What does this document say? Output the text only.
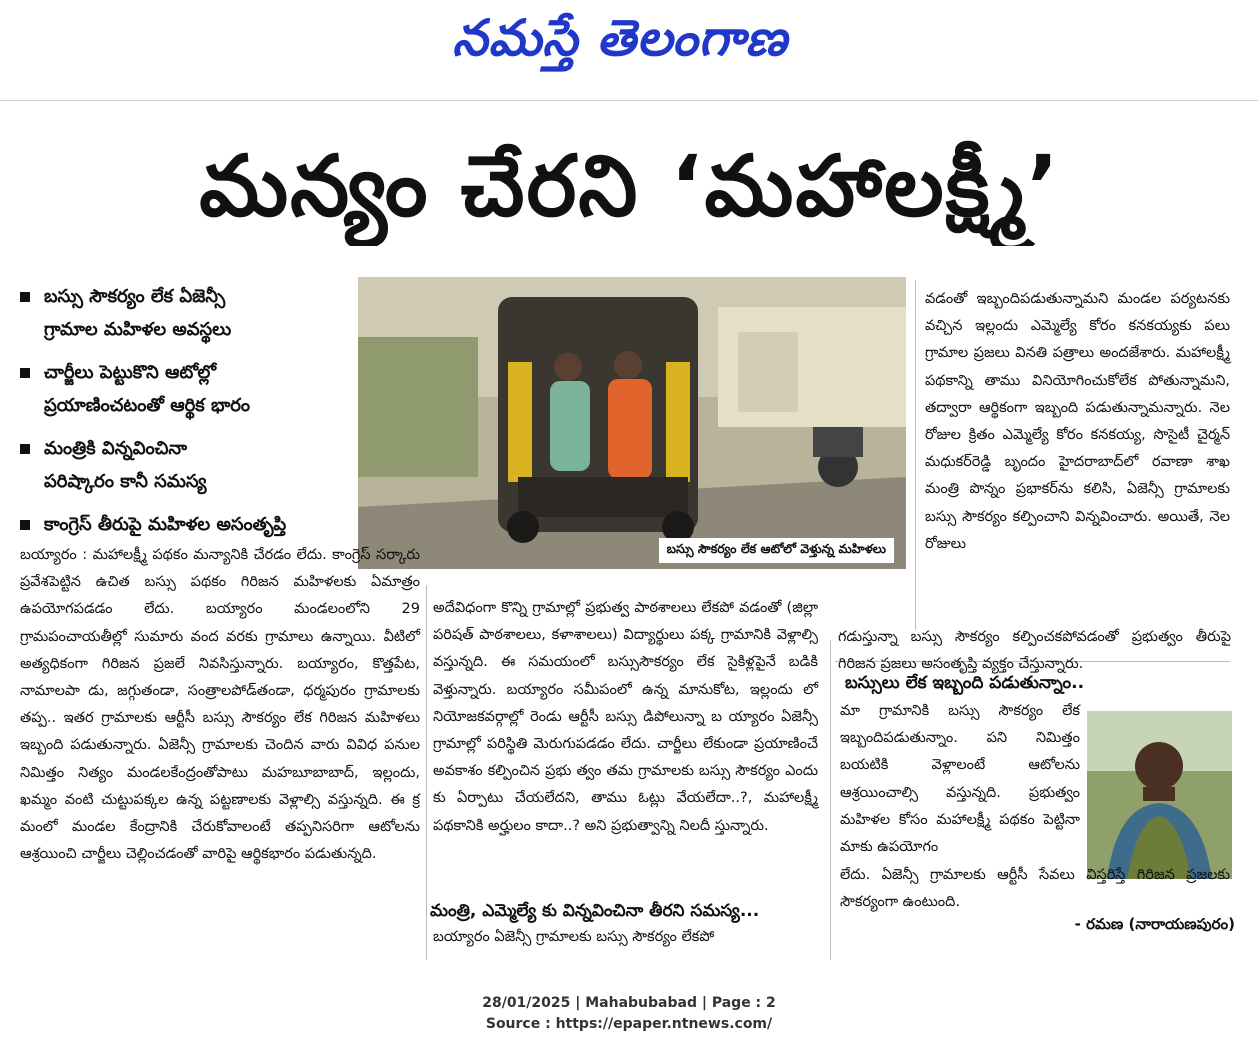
నమస్తే తెలంగాణ
మన్యం చేరని ‘మహాలక్ష్మీ’
బస్సు సౌకర్యం లేక ఏజెన్సీ
గ్రామాల మహిళల అవస్థలు
చార్జీలు పెట్టుకొని ఆటోల్లో
ప్రయాణించటంతో ఆర్థిక భారం
మంత్రికి విన్నవించినా
పరిష్కారం కానీ సమస్య
కాంగ్రెస్ తీరుపై మహిళల అసంతృప్తి
బస్సు సౌకర్యం లేక ఆటోలో వెళ్తున్న మహిళలు

బయ్యారం : మహాలక్ష్మీ పథకం మన్యానికి చేరడం లేదు. కాంగ్రెస్ సర్కారు ప్రవేశపెట్టిన ఉచిత బస్సు పథకం గిరిజన మహిళలకు ఏమాత్రం ఉపయోగపడడం లేదు. బయ్యారం మండలంలోని 29 గ్రామపంచాయతీల్లో సుమారు వంద వరకు గ్రామాలు ఉన్నాయి. వీటిలో అత్యధికంగా గిరిజన ప్రజలే నివసిస్తున్నారు. బయ్యారం, కొత్తపేట, నామాలపా డు, జగ్గుతండా, సంత్రాలపోడ్‌తండా, ధర్మపురం గ్రామాలకు తప్ప.. ఇతర గ్రామాలకు ఆర్టీసీ బస్సు సౌకర్యం లేక గిరిజన మహిళలు ఇబ్బంది పడుతున్నారు. ఏజెన్సీ గ్రామాలకు చెందిన వారు వివిధ పనుల నిమిత్తం నిత్యం మండలకేంద్రంతోపాటు మహబూబాబాద్, ఇల్లందు, ఖమ్మం వంటి చుట్టుపక్కల ఉన్న పట్టణాలకు వెళ్లాల్సి వస్తున్నది. ఈ క్ర మంలో మండల కేంద్రానికి చేరుకోవాలంటే తప్పనిసరిగా ఆటోలను ఆశ్రయించి చార్జీలు చెల్లించడంతో వారిపై ఆర్థికభారం పడుతున్నది.

అదేవిధంగా కొన్ని గ్రామాల్లో ప్రభుత్వ పాఠశాలలు లేకపో వడంతో (జిల్లా పరిషత్ పాఠశాలలు, కళాశాలలు) విద్యార్థులు పక్క గ్రామానికి వెళ్లాల్సి వస్తున్నది. ఈ సమయంలో బస్సుసౌకర్యం లేక సైకిళ్లపైనే బడికి వెళ్తున్నారు. బయ్యారం సమీపంలో ఉన్న మానుకోట, ఇల్లందు లో నియోజకవర్గాల్లో రెండు ఆర్టీసీ బస్సు డిపోలున్నా బ య్యారం ఏజెన్సీ గ్రామాల్లో పరిస్థితి మెరుగుపడడం లేదు. చార్జీలు లేకుండా ప్రయాణించే అవకాశం కల్పించిన ప్రభు త్వం తమ గ్రామాలకు బస్సు సౌకర్యం ఎందు కు ఏర్పాటు చేయలేదని, తాము ఓట్లు వేయలేదా..?, మహాలక్ష్మీ పథకానికి అర్హులం కాదా..? అని ప్రభుత్వాన్ని నిలదీ స్తున్నారు.

మంత్రి, ఎమ్మెల్యే కు విన్నవించినా తీరని సమస్య...

బయ్యారం ఏజెన్సీ గ్రామాలకు బస్సు సౌకర్యం లేకపో

వడంతో ఇబ్బందిపడుతున్నామని మండల పర్యటనకు వచ్చిన ఇల్లందు ఎమ్మెల్యే కోరం కనకయ్యకు పలు గ్రామాల ప్రజలు వినతి పత్రాలు అందజేశారు. మహాలక్ష్మీ పథకాన్ని తాము వినియోగించుకోలేక పోతున్నామని, తద్వారా ఆర్థికంగా ఇబ్బంది పడుతున్నామన్నారు. నెల రోజుల క్రితం ఎమ్మెల్యే కోరం కనకయ్య, సొసైటీ చైర్మన్ మధుకర్‌రెడ్డి బృందం హైదరాబాద్‌లో రవాణా శాఖ మంత్రి పొన్నం ప్రభాకర్‌ను కలిసి, ఏజెన్సీ గ్రామాలకు బస్సు సౌకర్యం కల్పించాని విన్నవించారు. అయితే, నెల రోజులు

గడుస్తున్నా బస్సు సౌకర్యం కల్పించకపోవడంతో ప్రభుత్వం తీరుపై గిరిజన ప్రజలు అసంతృప్తి వ్యక్తం చేస్తున్నారు.

బస్సులు లేక ఇబ్బంది పడుతున్నాం..

మా గ్రామానికి బస్సు సౌకర్యం లేక ఇబ్బందిపడుతున్నాం. పని నిమిత్తం బయటికి వెళ్లాలంటే ఆటోలను ఆశ్రయించాల్సి వస్తున్నది. ప్రభుత్వం మహిళల కోసం మహాలక్ష్మీ పథకం పెట్టినా మాకు ఉపయోగం

లేదు. ఏజెన్సీ గ్రామాలకు ఆర్టీసీ సేవలు విస్తరిస్తే గిరిజన ప్రజలకు సౌకర్యంగా ఉంటుంది.

- రమణ (నారాయణపురం)
28/01/2025 | Mahabubabad | Page : 2
Source : https://epaper.ntnews.com/
